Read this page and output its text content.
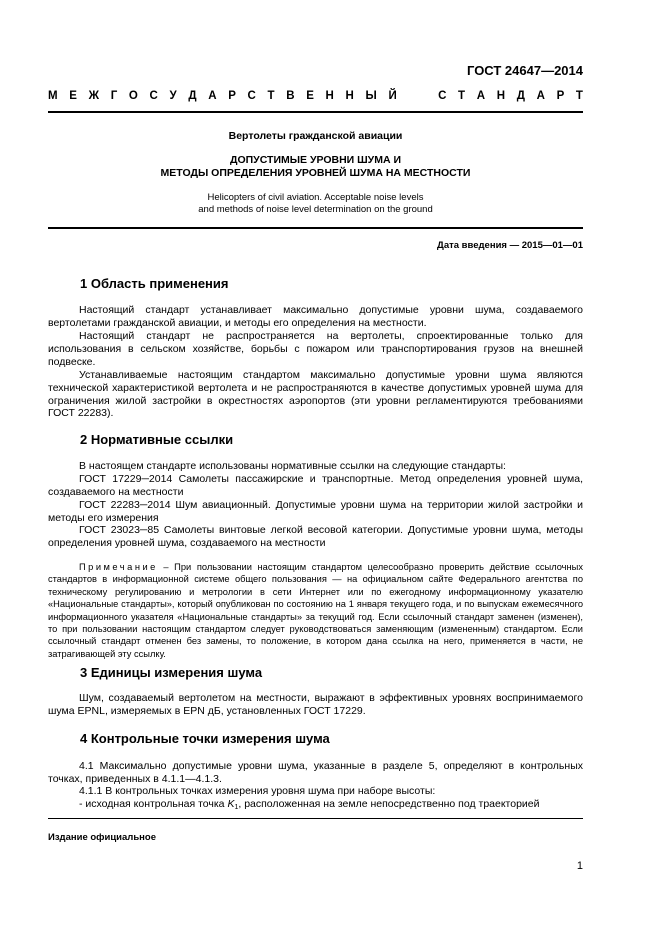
ГОСТ 24647—2014
М Е Ж Г О С У Д А Р С Т В Е Н Н Ы Й	С Т А Н Д А Р Т
Вертолеты гражданской авиации
ДОПУСТИМЫЕ УРОВНИ ШУМА И
МЕТОДЫ ОПРЕДЕЛЕНИЯ УРОВНЕЙ ШУМА НА МЕСТНОСТИ
Helicopters of civil aviation. Acceptable noise levels
and methods of noise level determination on the ground
Дата введения — 2015—01—01
1 Область применения
Настоящий стандарт устанавливает максимально допустимые уровни шума, создаваемого вертолетами гражданской авиации, и методы его определения на местности.
Настоящий стандарт не распространяется на вертолеты, спроектированные только для использования в сельском хозяйстве, борьбы с пожаром или транспортирования грузов на внешней подвеске.
Устанавливаемые настоящим стандартом максимально допустимые уровни шума являются технической характеристикой вертолета и не распространяются в качестве допустимых уровней шума для ограничения жилой застройки в окрестностях аэропортов (эти уровни регламентируются требованиями ГОСТ 22283).
2 Нормативные ссылки
В настоящем стандарте использованы нормативные ссылки на следующие стандарты:
ГОСТ 17229─2014 Самолеты пассажирские и транспортные. Метод определения уровней шума, создаваемого на местности
ГОСТ 22283─2014 Шум авиационный. Допустимые уровни шума на территории жилой застройки и методы его измерения
ГОСТ 23023─85 Самолеты винтовые легкой весовой категории. Допустимые уровни шума, методы определения уровней шума, создаваемого на местности
Примечание – При пользовании настоящим стандартом целесообразно проверить действие ссылочных стандартов в информационной системе общего пользования — на официальном сайте Федерального агентства по техническому регулированию и метрологии в сети Интернет или по ежегодному информационному указателю «Национальные стандарты», который опубликован по состоянию на 1 января текущего года, и по выпускам ежемесячного информационного указателя «Национальные стандарты» за текущий год. Если ссылочный стандарт заменен (изменен), то при пользовании настоящим стандартом следует руководствоваться заменяющим (измененным) стандартом. Если ссылочный стандарт отменен без замены, то положение, в котором дана ссылка на него, применяется в части, не затрагивающей эту ссылку.
3 Единицы измерения шума
Шум, создаваемый вертолетом на местности, выражают в эффективных уровнях воспринимаемого шума EPNL, измеряемых в EPN дБ, установленных ГОСТ 17229.
4 Контрольные точки измерения шума
4.1 Максимально допустимые уровни шума, указанные в разделе 5, определяют в контрольных точках, приведенных в 4.1.1—4.1.3.
4.1.1 В контрольных точках измерения уровня шума при наборе высоты:
- исходная контрольная точка $K_1$, расположенная на земле непосредственно под траекторией
Издание официальное
1
